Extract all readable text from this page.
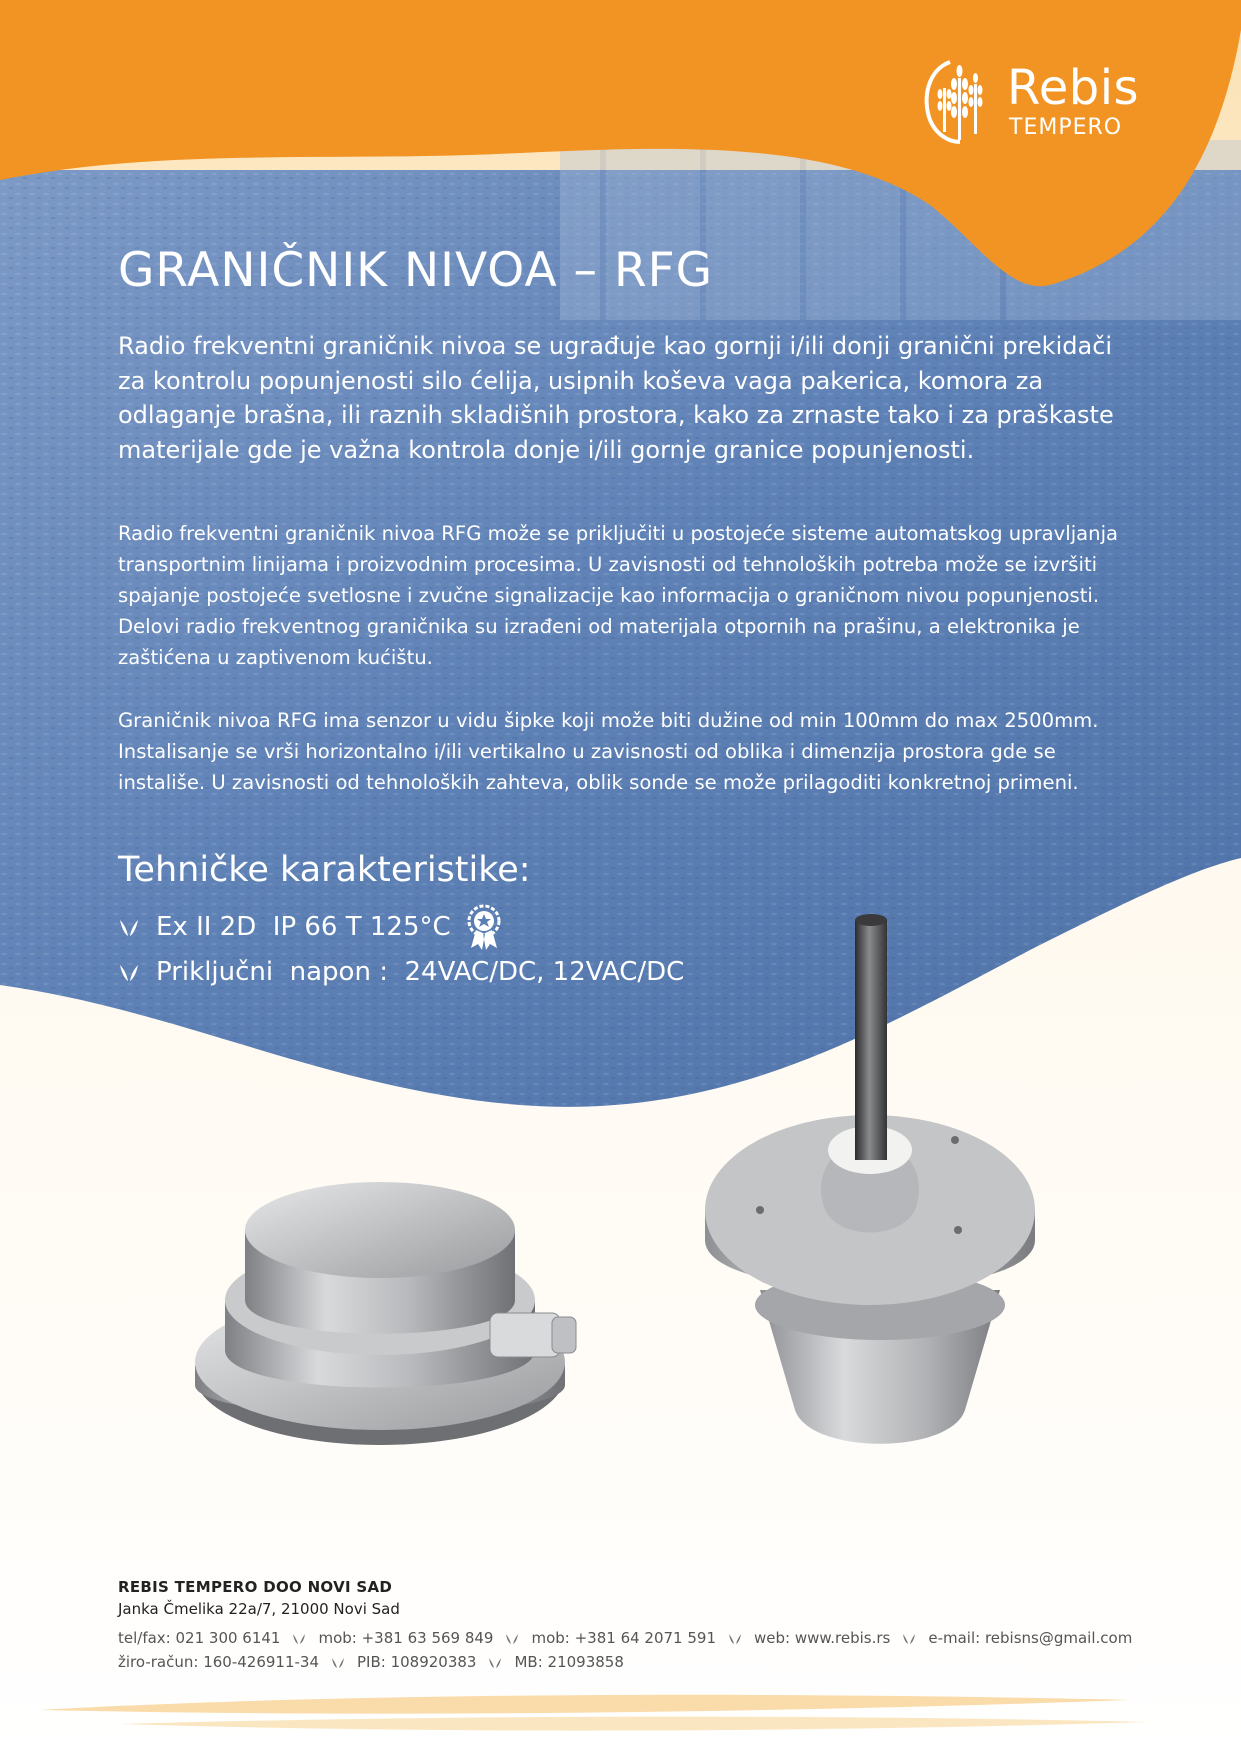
Rebis
TEMPERO
GRANIČNIK NIVOA – RFG

Radio frekventni graničnik nivoa se ugrađuje kao gornji i/ili donji granični prekidači za kontrolu popunjenosti silo ćelija, usipnih koševa vaga pakerica, komora za odlaganje brašna, ili raznih skladišnih prostora, kako za zrnaste tako i za praškaste materijale gde je važna kontrola donje i/ili gornje granice popunjenosti.

Radio frekventni graničnik nivoa RFG može se priključiti u postojeće sisteme automatskog upravljanja transportnim linijama i proizvodnim procesima. U zavisnosti od tehnoloških potreba može se izvršiti spajanje postojeće svetlosne i zvučne signalizacije kao informacija o graničnom nivou popunjenosti. Delovi radio frekventnog graničnika su izrađeni od materijala otpornih na prašinu, a elektronika je zaštićena u zaptivenom kućištu.

Graničnik nivoa RFG ima senzor u vidu šipke koji može biti dužine od min 100mm do max 2500mm. Instalisanje se vrši horizontalno i/ili vertikalno u zavisnosti od oblika i dimenzija prostora gde se instališe. U zavisnosti od tehnoloških zahteva, oblik sonde se može prilagoditi konkretnoj primeni.

Tehničke karakteristike:
Ex II 2D  IP 66 T 125°C
Priključni  napon :  24VAC/DC, 12VAC/DC
REBIS TEMPERO DOO NOVI SAD
Janka Čmelika 22a/7, 21000 Novi Sad
tel/fax: 021 300 6141	mob: +381 63 569 849	mob: +381 64 2071 591	web: www.rebis.rs	e-mail: rebisns@gmail.com
žiro-račun: 160-426911-34	PIB: 108920383	MB: 21093858
